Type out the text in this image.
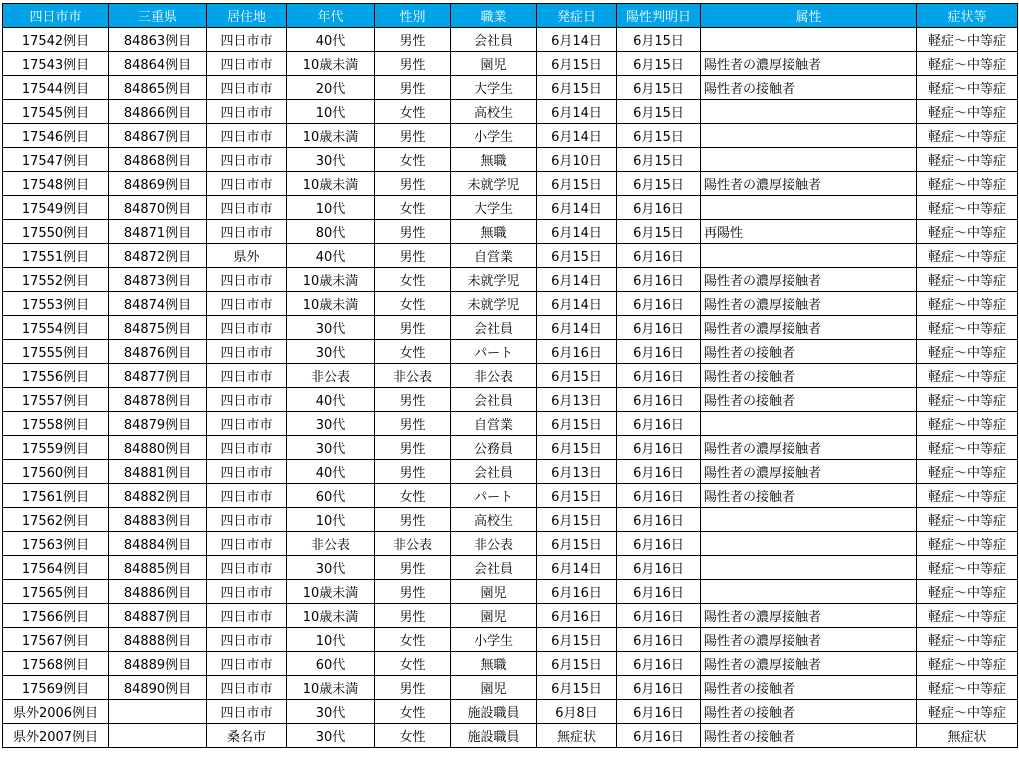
四日市市	三重県	居住地	年代	性別	職業	発症日	陽性判明日	属性	症状等
17542例目	84863例目	四日市市	40代	男性	会社員	6月14日	6月15日		軽症～中等症
17543例目	84864例目	四日市市	10歳未満	男性	園児	6月15日	6月15日	陽性者の濃厚接触者	軽症～中等症
17544例目	84865例目	四日市市	20代	男性	大学生	6月15日	6月15日	陽性者の接触者	軽症～中等症
17545例目	84866例目	四日市市	10代	女性	高校生	6月14日	6月15日		軽症～中等症
17546例目	84867例目	四日市市	10歳未満	男性	小学生	6月14日	6月15日		軽症～中等症
17547例目	84868例目	四日市市	30代	女性	無職	6月10日	6月15日		軽症～中等症
17548例目	84869例目	四日市市	10歳未満	男性	未就学児	6月15日	6月15日	陽性者の濃厚接触者	軽症～中等症
17549例目	84870例目	四日市市	10代	女性	大学生	6月14日	6月16日		軽症～中等症
17550例目	84871例目	四日市市	80代	男性	無職	6月14日	6月15日	再陽性	軽症～中等症
17551例目	84872例目	県外	40代	男性	自営業	6月15日	6月16日		軽症～中等症
17552例目	84873例目	四日市市	10歳未満	女性	未就学児	6月14日	6月16日	陽性者の濃厚接触者	軽症～中等症
17553例目	84874例目	四日市市	10歳未満	女性	未就学児	6月14日	6月16日	陽性者の濃厚接触者	軽症～中等症
17554例目	84875例目	四日市市	30代	男性	会社員	6月14日	6月16日	陽性者の濃厚接触者	軽症～中等症
17555例目	84876例目	四日市市	30代	女性	パート	6月16日	6月16日	陽性者の接触者	軽症～中等症
17556例目	84877例目	四日市市	非公表	非公表	非公表	6月15日	6月16日	陽性者の接触者	軽症～中等症
17557例目	84878例目	四日市市	40代	男性	会社員	6月13日	6月16日	陽性者の接触者	軽症～中等症
17558例目	84879例目	四日市市	30代	男性	自営業	6月15日	6月16日		軽症～中等症
17559例目	84880例目	四日市市	30代	男性	公務員	6月15日	6月16日	陽性者の濃厚接触者	軽症～中等症
17560例目	84881例目	四日市市	40代	男性	会社員	6月13日	6月16日	陽性者の濃厚接触者	軽症～中等症
17561例目	84882例目	四日市市	60代	女性	パート	6月15日	6月16日	陽性者の接触者	軽症～中等症
17562例目	84883例目	四日市市	10代	男性	高校生	6月15日	6月16日		軽症～中等症
17563例目	84884例目	四日市市	非公表	非公表	非公表	6月15日	6月16日		軽症～中等症
17564例目	84885例目	四日市市	30代	男性	会社員	6月14日	6月16日		軽症～中等症
17565例目	84886例目	四日市市	10歳未満	男性	園児	6月16日	6月16日		軽症～中等症
17566例目	84887例目	四日市市	10歳未満	男性	園児	6月16日	6月16日	陽性者の濃厚接触者	軽症～中等症
17567例目	84888例目	四日市市	10代	女性	小学生	6月15日	6月16日	陽性者の濃厚接触者	軽症～中等症
17568例目	84889例目	四日市市	60代	女性	無職	6月15日	6月16日	陽性者の濃厚接触者	軽症～中等症
17569例目	84890例目	四日市市	10歳未満	男性	園児	6月15日	6月16日	陽性者の接触者	軽症～中等症
県外2006例目		四日市市	30代	女性	施設職員	6月8日	6月16日	陽性者の接触者	軽症～中等症
県外2007例目		桑名市	30代	女性	施設職員	無症状	6月16日	陽性者の接触者	無症状
